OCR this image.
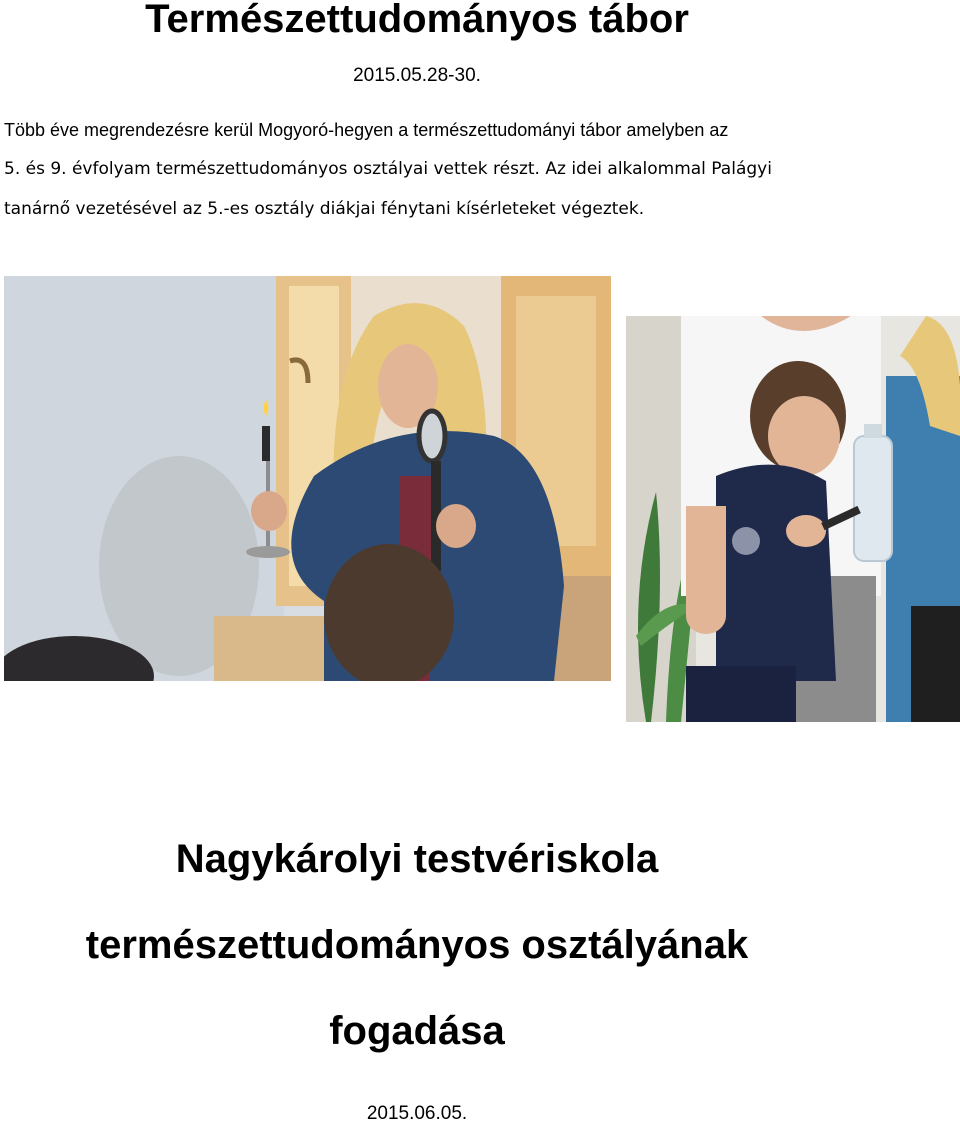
Természettudományos tábor
2015.05.28-30.
Több éve megrendezésre kerül Mogyoró-hegyen a természettudományi tábor amelyben az
5. és 9. évfolyam természettudományos osztályai vettek részt. Az idei alkalommal Palágyi
tanárnő vezetésével az 5.-es osztály diákjai fénytani kísérleteket végeztek.
Nagykárolyi testvériskola
természettudományos osztályának
fogadása
2015.06.05.
